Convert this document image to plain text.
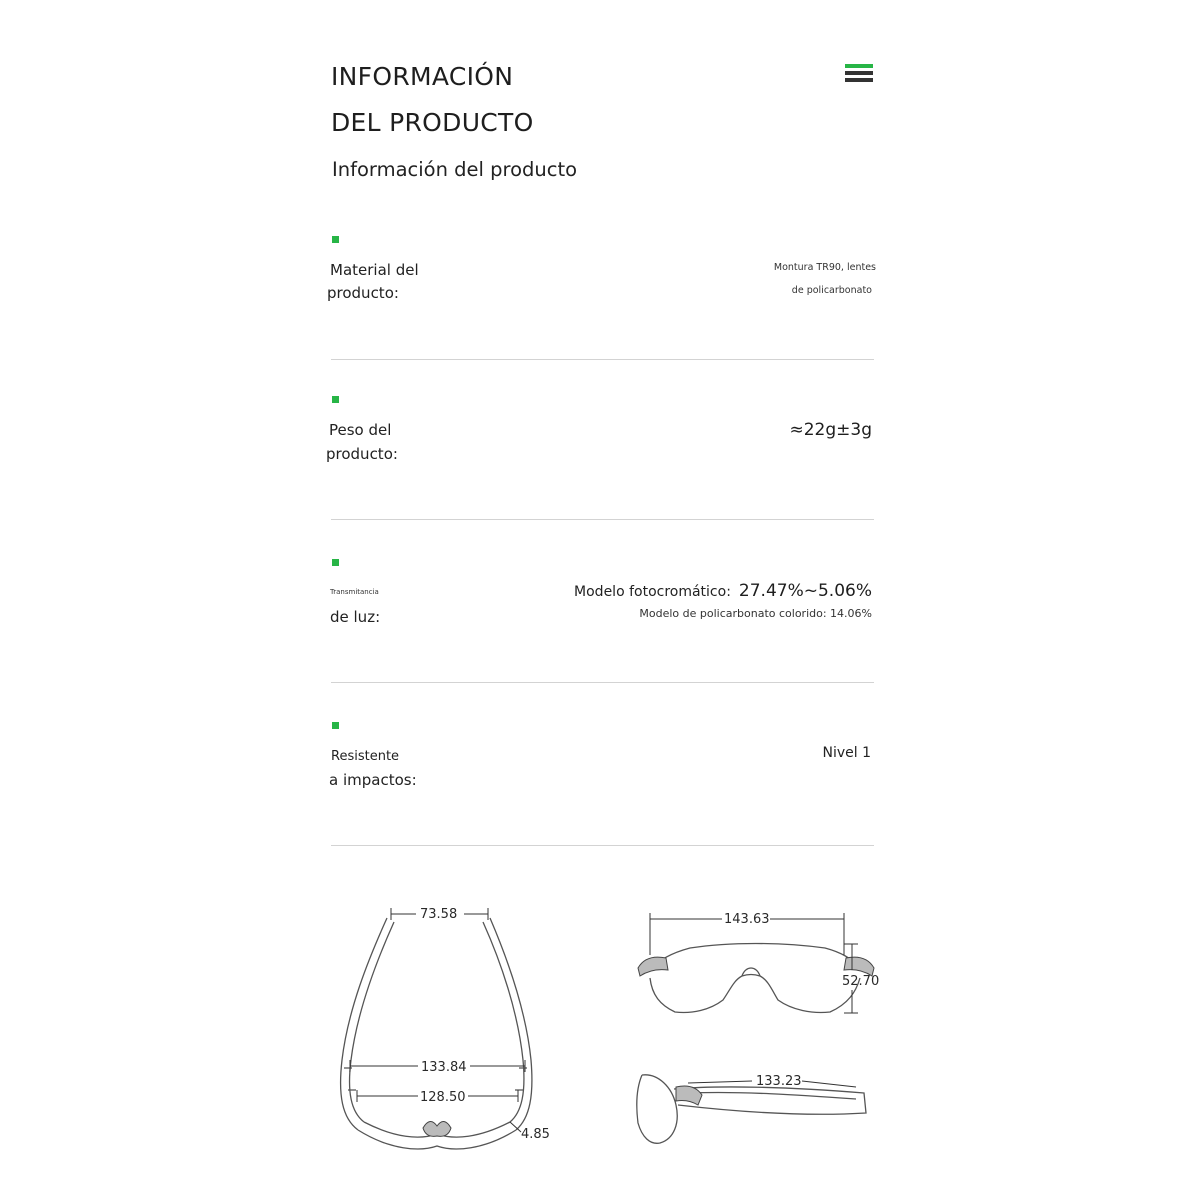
INFORMACIÓN
DEL PRODUCTO
Información del producto
Material del
producto:
Montura TR90, lentes
de policarbonato
Peso del
producto:
≈22g±3g
Transmitancia
de luz:
Modelo fotocromático: 27.47%~5.06%
Modelo de policarbonato colorido: 14.06%
Resistente
a impactos:
Nivel 1
73.58
133.84
128.50
4.85
143.63
52.70
133.23
